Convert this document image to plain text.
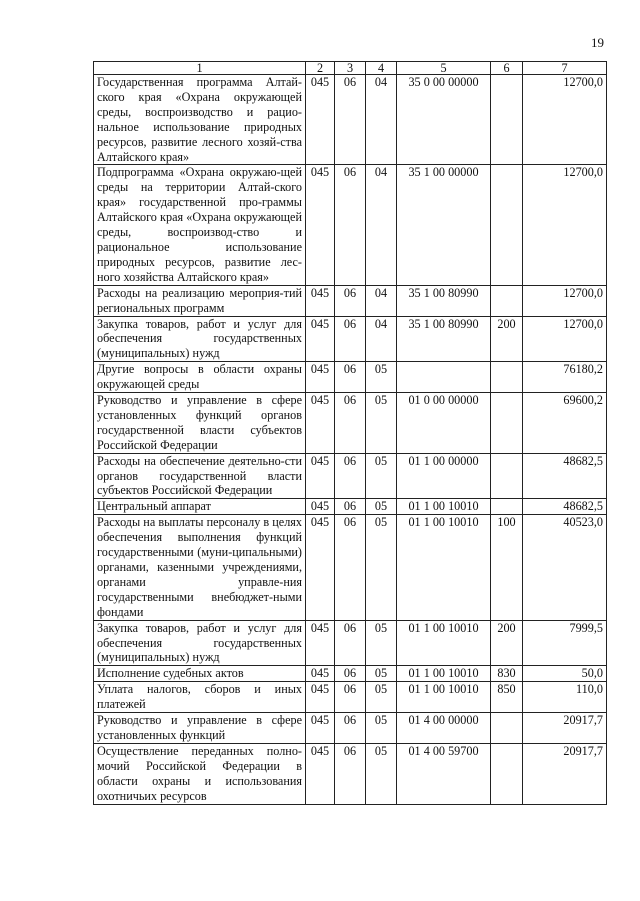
19
1	2	3	4	5	6	7
Государственная программа Алтай-ского края «Охрана окружающей среды, воспроизводство и рацио-нальное использование природных ресурсов, развитие лесного хозяй-ства Алтайского края»	045	06	04	35 0 00 00000		12700,0
Подпрограмма «Охрана окружаю-щей среды на территории Алтай-ского края» государственной про-граммы Алтайского края «Охрана окружающей среды, воспроизвод-ство и рациональное использование природных ресурсов, развитие лес-ного хозяйства Алтайского края»	045	06	04	35 1 00 00000		12700,0
Расходы на реализацию мероприя-тий региональных программ	045	06	04	35 1 00 80990		12700,0
Закупка товаров, работ и услуг для обеспечения государственных (муниципальных) нужд	045	06	04	35 1 00 80990	200	12700,0
Другие вопросы в области охраны окружающей среды	045	06	05			76180,2
Руководство и управление в сфере установленных функций органов государственной власти субъектов Российской Федерации	045	06	05	01 0 00 00000		69600,2
Расходы на обеспечение деятельно-сти органов государственной власти субъектов Российской Федерации	045	06	05	01 1 00 00000		48682,5
Центральный аппарат	045	06	05	01 1 00 10010		48682,5
Расходы на выплаты персоналу в целях обеспечения выполнения функций государственными (муни-ципальными) органами, казенными учреждениями, органами управле-ния государственными внебюджет-ными фондами	045	06	05	01 1 00 10010	100	40523,0
Закупка товаров, работ и услуг для обеспечения государственных (муниципальных) нужд	045	06	05	01 1 00 10010	200	7999,5
Исполнение судебных актов	045	06	05	01 1 00 10010	830	50,0
Уплата налогов, сборов и иных платежей	045	06	05	01 1 00 10010	850	110,0
Руководство и управление в сфере установленных функций	045	06	05	01 4 00 00000		20917,7
Осуществление переданных полно-мочий Российской Федерации в области охраны и использования охотничьих ресурсов	045	06	05	01 4 00 59700		20917,7
